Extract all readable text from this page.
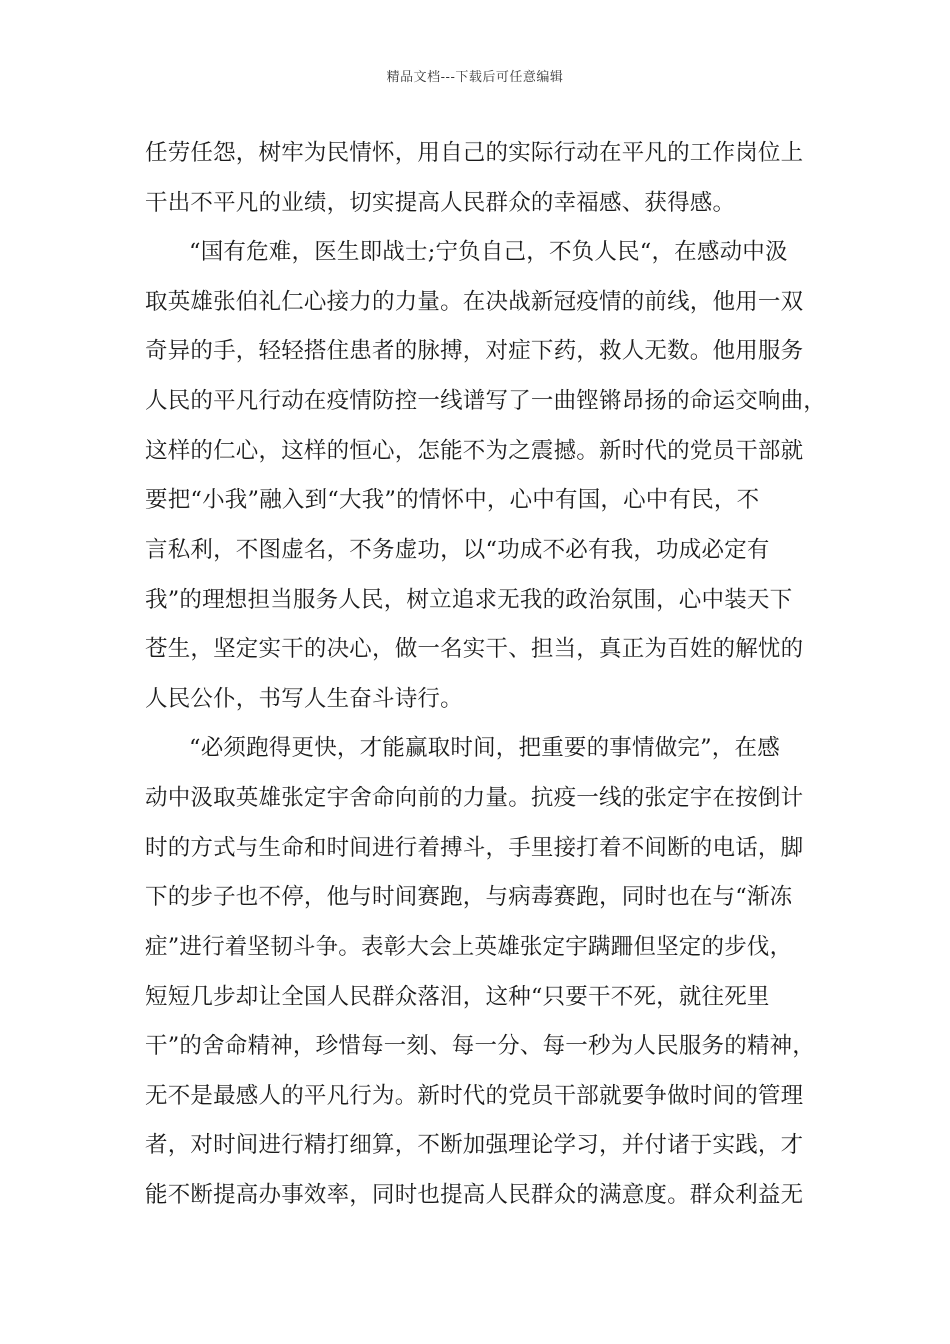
精品文档---下载后可任意编辑
任劳任怨，树牢为民情怀，用自己的实际行动在平凡的工作岗位上
干出不平凡的业绩，切实提高人民群众的幸福感、获得感。
“国有危难，医生即战士;宁负自己，不负人民“，在感动中汲
取英雄张伯礼仁心接力的力量。在决战新冠疫情的前线，他用一双
奇异的手，轻轻搭住患者的脉搏，对症下药，救人无数。他用服务
人民的平凡行动在疫情防控一线谱写了一曲铿锵昂扬的命运交响曲，
这样的仁心，这样的恒心，怎能不为之震撼。新时代的党员干部就
要把“小我”融入到“大我”的情怀中，心中有国，心中有民，不
言私利，不图虚名，不务虚功，以“功成不必有我，功成必定有
我”的理想担当服务人民，树立追求无我的政治氛围，心中装天下
苍生，坚定实干的决心，做一名实干、担当，真正为百姓的解忧的
人民公仆，书写人生奋斗诗行。
“必须跑得更快，才能赢取时间，把重要的事情做完”，在感
动中汲取英雄张定宇舍命向前的力量。抗疫一线的张定宇在按倒计
时的方式与生命和时间进行着搏斗，手里接打着不间断的电话，脚
下的步子也不停，他与时间赛跑，与病毒赛跑，同时也在与“渐冻
症”进行着坚韧斗争。表彰大会上英雄张定宇蹒跚但坚定的步伐，
短短几步却让全国人民群众落泪，这种“只要干不死，就往死里
干”的舍命精神，珍惜每一刻、每一分、每一秒为人民服务的精神，
无不是最感人的平凡行为。新时代的党员干部就要争做时间的管理
者，对时间进行精打细算，不断加强理论学习，并付诸于实践，才
能不断提高办事效率，同时也提高人民群众的满意度。群众利益无
